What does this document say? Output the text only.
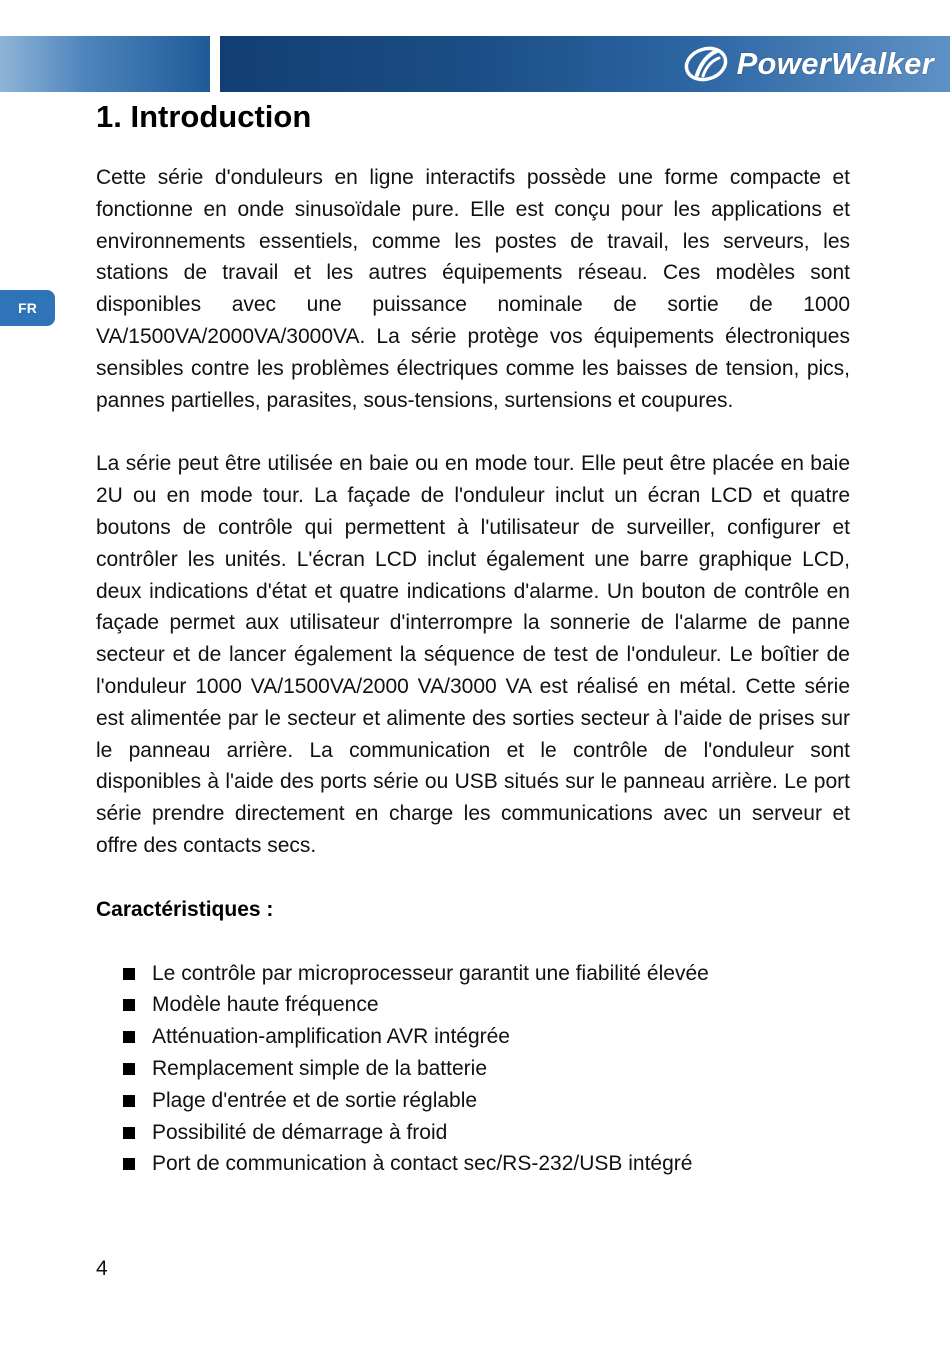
PowerWalker
FR
1. Introduction

Cette série d'onduleurs en ligne interactifs possède une forme compacte et fonctionne en onde sinusoïdale pure. Elle est conçu pour les applications et environnements essentiels, comme les postes de travail, les serveurs, les stations de travail et les autres équipements réseau. Ces modèles sont disponibles avec une puissance nominale de sortie de 1000 VA/1500VA/2000VA/3000VA. La série protège vos équipements électroniques sensibles contre les problèmes électriques comme les baisses de tension, pics, pannes partielles, parasites, sous-tensions, surtensions et coupures.

La série peut être utilisée en baie ou en mode tour. Elle peut être placée en baie 2U ou en mode tour. La façade de l'onduleur inclut un écran LCD et quatre boutons de contrôle qui permettent à l'utilisateur de surveiller, configurer et contrôler les unités. L'écran LCD inclut également une barre graphique LCD, deux indications d'état et quatre indications d'alarme. Un bouton de contrôle en façade permet aux utilisateur d'interrompre la sonnerie de l'alarme de panne secteur et de lancer également la séquence de test de l'onduleur. Le boîtier de l'onduleur 1000 VA/1500VA/2000 VA/3000 VA est réalisé en métal. Cette série est alimentée par le secteur et alimente des sorties secteur à l'aide de prises sur le panneau arrière. La communication et le contrôle de l'onduleur sont disponibles à l'aide des ports série ou USB situés sur le panneau arrière. Le port série prendre directement en charge les communications avec un serveur et offre des contacts secs.

Caractéristiques :
Le contrôle par microprocesseur garantit une fiabilité élevée
Modèle haute fréquence
Atténuation-amplification AVR intégrée
Remplacement simple de la batterie
Plage d'entrée et de sortie réglable
Possibilité de démarrage à froid
Port de communication à contact sec/RS-232/USB intégré
4
